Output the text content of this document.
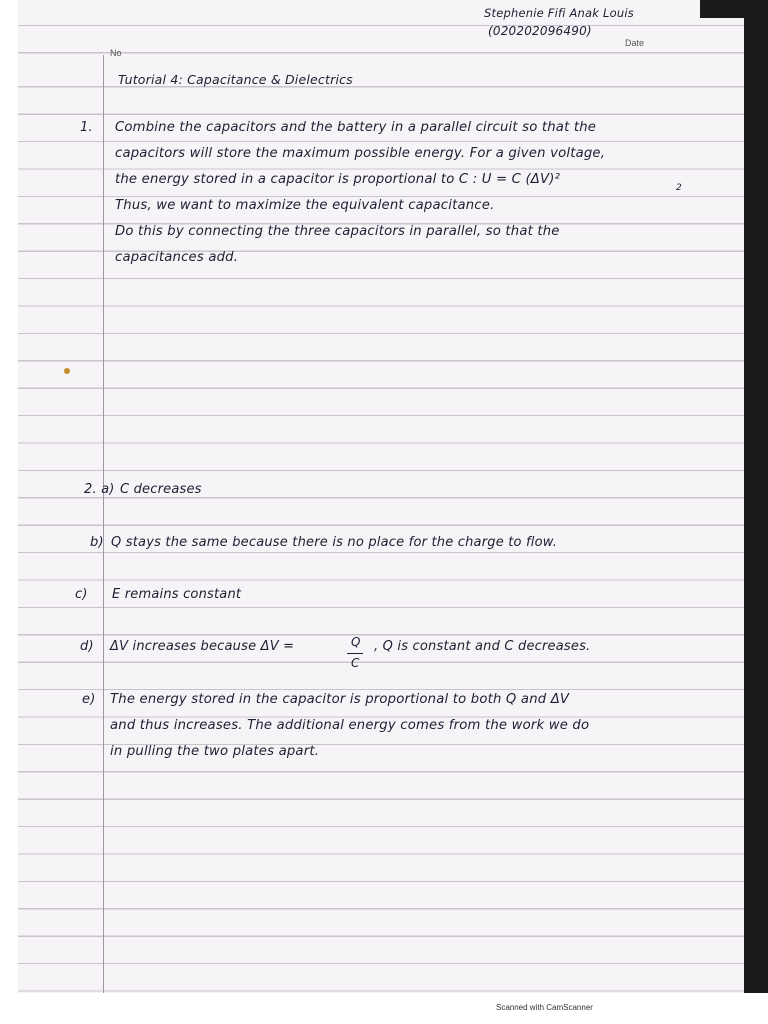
No
Date
Stephenie Fifi Anak Louis
(020202096490)
Tutorial 4: Capacitance & Dielectrics
1. Combine the capacitors and the battery in a parallel circuit so that the
capacitors will store the maximum possible energy. For a given voltage,
the energy stored in a capacitor is proportional to C : U = C (ΔV)²
2
Thus, we want to maximize the equivalent capacitance.
Do this by connecting the three capacitors in parallel, so that the
capacitances add.
2. a) C decreases
b) Q stays the same because there is no place for the charge to flow.
c) E remains constant
d) ΔV increases because ΔV =	Q
C
, Q is constant and C decreases.
e) The energy stored in the capacitor is proportional to both Q and ΔV
and thus increases. The additional energy comes from the work we do
in pulling the two plates apart.
Scanned with CamScanner
